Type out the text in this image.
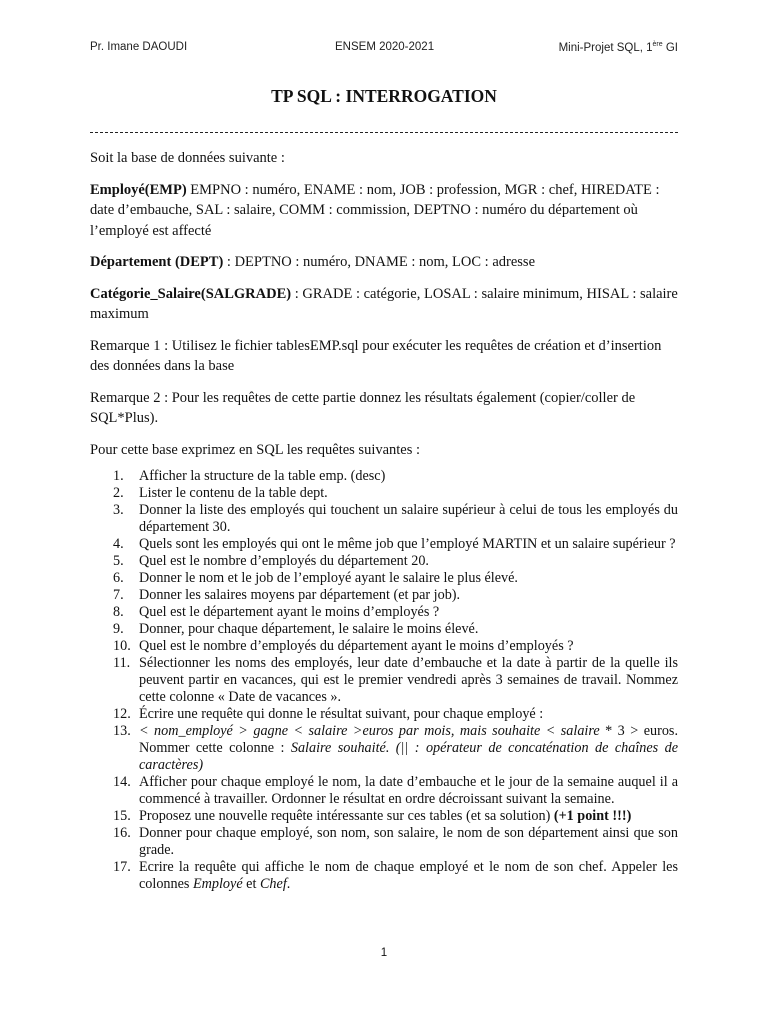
Pr. Imane DAOUDI	ENSEM 2020-2021	Mini-Projet SQL, 1ère GI
TP SQL : INTERROGATION

Soit la base de données suivante :

Employé(EMP) EMPNO : numéro, ENAME : nom, JOB : profession, MGR : chef, HIREDATE : date d’embauche, SAL : salaire, COMM : commission, DEPTNO : numéro du département où l’employé est affecté

Département (DEPT) : DEPTNO : numéro, DNAME : nom, LOC : adresse

Catégorie_Salaire(SALGRADE) : GRADE : catégorie, LOSAL : salaire minimum, HISAL : salaire maximum

Remarque 1 : Utilisez le fichier tablesEMP.sql pour exécuter les requêtes de création et d’insertion des données dans la base

Remarque 2 : Pour les requêtes de cette partie donnez les résultats également (copier/coller de SQL*Plus).

Pour cette base exprimez en SQL les requêtes suivantes :

1. Afficher la structure de la table emp. (desc)
2. Lister le contenu de la table dept.
3. Donner la liste des employés qui touchent un salaire supérieur à celui de tous les employés du département 30.
4. Quels sont les employés qui ont le même job que l’employé MARTIN et un salaire supérieur ?
5. Quel est le nombre d’employés du département 20.
6. Donner le nom et le job de l’employé ayant le salaire le plus élevé.
7. Donner les salaires moyens par département (et par job).
8. Quel est le département ayant le moins d’employés ?
9. Donner, pour chaque département, le salaire le moins élevé.
10. Quel est le nombre d’employés du département ayant le moins d’employés ?
11. Sélectionner les noms des employés, leur date d’embauche et la date à partir de la quelle ils peuvent partir en vacances, qui est le premier vendredi après 3 semaines de travail. Nommez cette colonne « Date de vacances ».
12. Écrire une requête qui donne le résultat suivant, pour chaque employé :
13. < nom_employé > gagne < salaire >euros par mois, mais souhaite < salaire * 3 > euros. Nommer cette colonne : Salaire souhaité. (|| : opérateur de concaténation de chaînes de caractères)
14. Afficher pour chaque employé le nom, la date d’embauche et le jour de la semaine auquel il a commencé à travailler. Ordonner le résultat en ordre décroissant suivant la semaine.
15. Proposez une nouvelle requête intéressante sur ces tables (et sa solution) (+1 point !!!)
16. Donner pour chaque employé, son nom, son salaire, le nom de son département ainsi que son grade.
17. Ecrire la requête qui affiche le nom de chaque employé et le nom de son chef. Appeler les colonnes Employé et Chef.
1
